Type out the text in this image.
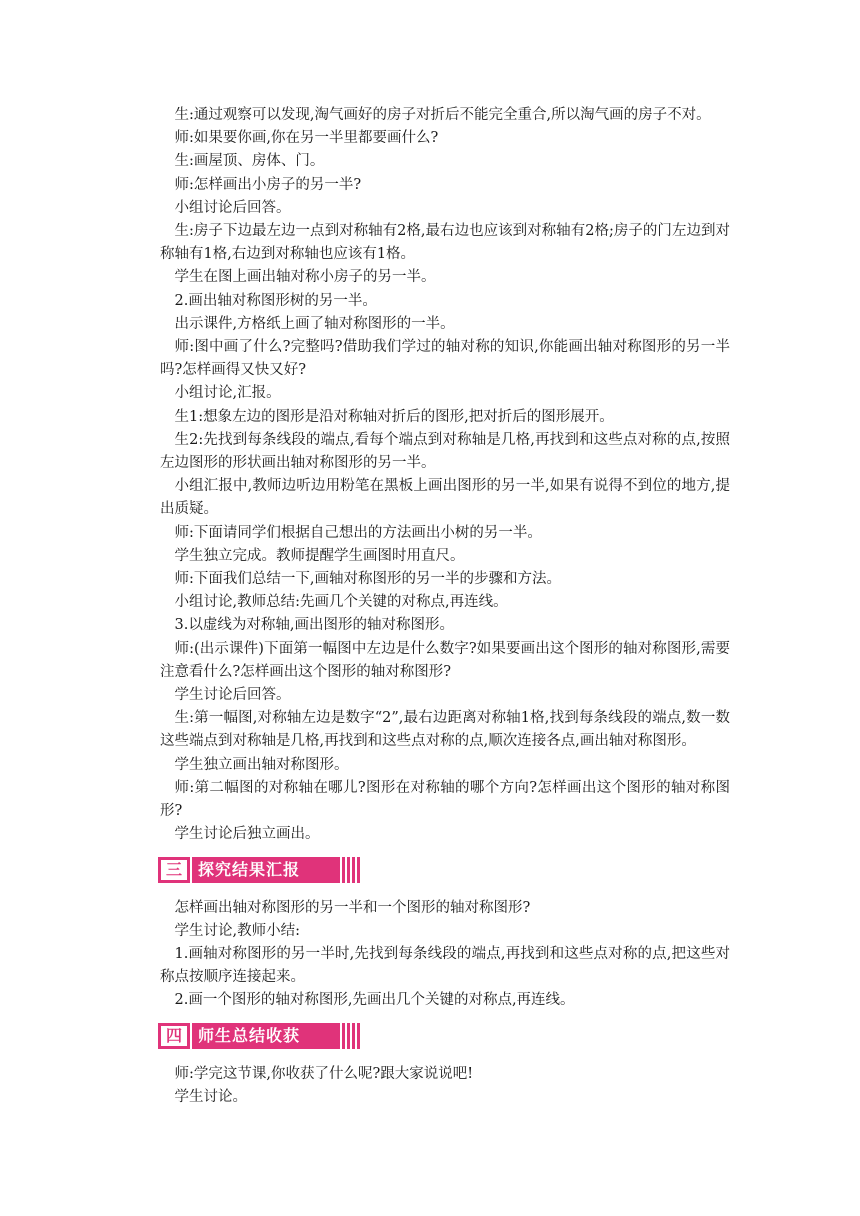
生:通过观察可以发现,淘气画好的房子对折后不能完全重合,所以淘气画的房子不对。

师:如果要你画,你在另一半里都要画什么?

生:画屋顶、房体、门。

师:怎样画出小房子的另一半?

小组讨论后回答。

生:房子下边最左边一点到对称轴有2格,最右边也应该到对称轴有2格;房子的门左边到对称轴有1格,右边到对称轴也应该有1格。

学生在图上画出轴对称小房子的另一半。

2.画出轴对称图形树的另一半。

出示课件,方格纸上画了轴对称图形的一半。

师:图中画了什么?完整吗?借助我们学过的轴对称的知识,你能画出轴对称图形的另一半吗?怎样画得又快又好?

小组讨论,汇报。

生1:想象左边的图形是沿对称轴对折后的图形,把对折后的图形展开。

生2:先找到每条线段的端点,看每个端点到对称轴是几格,再找到和这些点对称的点,按照左边图形的形状画出轴对称图形的另一半。

小组汇报中,教师边听边用粉笔在黑板上画出图形的另一半,如果有说得不到位的地方,提出质疑。

师:下面请同学们根据自己想出的方法画出小树的另一半。

学生独立完成。教师提醒学生画图时用直尺。

师:下面我们总结一下,画轴对称图形的另一半的步骤和方法。

小组讨论,教师总结:先画几个关键的对称点,再连线。

3.以虚线为对称轴,画出图形的轴对称图形。

师:(出示课件)下面第一幅图中左边是什么数字?如果要画出这个图形的轴对称图形,需要注意看什么?怎样画出这个图形的轴对称图形?

学生讨论后回答。

生:第一幅图,对称轴左边是数字“2”,最右边距离对称轴1格,找到每条线段的端点,数一数这些端点到对称轴是几格,再找到和这些点对称的点,顺次连接各点,画出轴对称图形。

学生独立画出轴对称图形。

师:第二幅图的对称轴在哪儿?图形在对称轴的哪个方向?怎样画出这个图形的轴对称图形?

学生讨论后独立画出。

三	探究结果汇报

怎样画出轴对称图形的另一半和一个图形的轴对称图形?

学生讨论,教师小结:

1.画轴对称图形的另一半时,先找到每条线段的端点,再找到和这些点对称的点,把这些对称点按顺序连接起来。

2.画一个图形的轴对称图形,先画出几个关键的对称点,再连线。

四	师生总结收获

师:学完这节课,你收获了什么呢?跟大家说说吧!

学生讨论。
